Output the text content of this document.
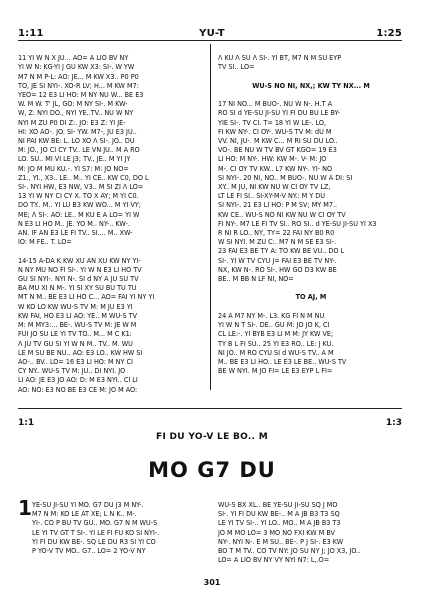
1:11	YU-T	1:25

11 YI W N X JU... AO= A LIO BV NY
YI W N: KG-YI J GU KW X3: SI-. W YW
M7 N M P-L: AO: JE... M KW X3.. P0 P0
TO, JE SI NYI-. XO-R LV; H... M KW M7:
YEO= 12 E3 LI HO: M NY NU W... BE E3
W. M W. T' JL, GO: M NY SI-. M KW-
W, Z: NYI DO., NYI YE..TV.. NU W NY
NYI M ZU P0 DI Z:. JO: E3 Z: YI JE-
HI: XO AO-. JO. SI- YW. M7-, JU E3 JU..
NI PAI KW BE: L. LO XO Λ SI-. JO.. DU
M: JO., JO CI CY TV.. LE VN JU.. M A RO
LO. SU.. MI VI LE J3; TV., JE.. M YI JY
M: JO M MU KU.-. YI S7: M: JO NO=
Z1., YI., X3.. LE.. M.. YI CE.. KW C0, DO L
SI-. NYI HW, E3 NW, V3.. M SI ZI Λ LO=
13 YI W NY CI CY X. TO X AY; M YI C0.
DO TY.. M.. YI LU B3 KW WO... M YI VY;
ME; Λ SI-. AO: LE.. M KU E A LO= YI W
N E3 LI HO M.. JE. YO M.. NY-.. KW-.
AN. IF AN E3 LE FI TV.. SI.... M.. XW-
IO: M FE.. T. LO=

14-15 A-DA K KW XU AN XU KW NY YI-
N NY MU NO FI SI-. YI W N E3 LI HO TV
GU SI NYI-. NYI N-. SI d NY A JU SU TV
BA MU XI N M-. YI SI XY SU BU TU TU
MT N M.. BE E3 LI HO C... AO= FAI YI NY YI
W KO LO KW WU-S TV M: M JU E3 YI
KW FAI, HO E3 LI AO: YE.. M WU-S TV
M: M MY3:... BE-. WU-S TV M: JE W M
FUI JO SU LE YI TV TO.. M... M C K1:
Λ JU TV GU SI YI W N M.. TV.. M. WU
LE M SU BE NU.. AO: E3 LO.. KW HW SI
AO-.. BV.. LO= 16 E3 LI HO: M NY CI
CY NY.. WU-S TV M: JU.. DI NYI. JO
LI AO: JE E3 JO AO: D: M E3 NYI.. CI LI
AO: NO: E3 NO BE E3 CE M: JO M AO:

Λ KU Λ SU Λ SI-. YI BT, M7 N M SU EYP
TV SI.. LO=

WU-S NO NI, NX,; KW TY NX... M

17 NI NO... M BUO-. NU W N-. H.T A
RO SI d YE-SU JI-SU YI FI DU BU LE BY-
YIE SI-. TV CI. T= 18 YI W LE-. LO,
FI KW NY-. CI OY-. WU-S TV M: dU M
VV. NI, JU-. M KW C... M RI SU DU LO..
VO-. BE NU W TV BV GT KGO= 19 E3
LI HO: M NY-. HW: KW M-. V- M: JO
M-. CI OY TV KW.. L7 KW NY-. YI- NO
SI NYI-. 20 NI, NO.. M BUO-. NU W A DI: SI
XY.. M JU, NI KW NU W CI OY TV LZ,
LT LE FI SI.. SI-XY-M-V NY.: M Y DU
SI NYI-. 21 E3 LI HO: P M SV; MY M7..
KW CE.. WU-S NO NI KW NU W CI OY TV
FI NY-. M7 LE FI TV SI.. RO SI.. d YE-SU JI-SU YI X3
R NI R LO.. NY, TY= 22 FAI NY B0 R0
W SI NYI. M ZU C:. M7 N M SE E3 SI-.
23 FAI E3 BE TY A: TO KW BE VU.. DO L
SI-. YI W TV CYU J= FAI E3 BE TV NY-.
NX, KW N-. RO SI-. HW GO D3 KW BE
BE.. M BB N LF NI, NO=

TO AJ, M

24 A M7 NY M-. L3. KG FI N M NU
YI W N T SI-. DE.. GU M: JO JO K, CI
CL LE:-. YI BYB E3 LI M M: JY KW VE;
TY B L FI SU.. 25 YI E3 RO.. LE: J KU.
NI JO.. M RO CYU SI d WU-S TV.. A M
M.. BE E3 LI HO.. LE E3 LE BE.. WU-S TV
BE W NYI. M JO FI= LE E3 EYP L FI=

1:1	1:3
FI DU YO-V LE BO.. M
MO G7 DU
1 YE-SU JI-SU YI MO. G7 DU J3 M NY-.
M7 N M: KO LE AT XE; L N K.. M-.
YI-. CO P BU TV GU.. MO. G7 N M WU-S
LE YI TV GT T SI-. YI LE FI FU KO SI NYI-.
YI FI DU KW BE-. SQ LE DU R3 SI YI CO
P YO-V TV MO.. G7.. LO= 2 YO-V NY
WU-S BX XL.. BE YE-SU JI-SU SQ J MO
SI-. YI FI DU KW BE-.. M A JB B3 T3 SQ
LE YI TV SI-.. YI LO.. MO.. M A JB B3 T3
JO M MO LO= 3 MO NO FXI KW M BV
NY-. NYI N-. E M SU.. BE-. P J SI-. E3 KW
BO T M TV.. CO TV NY: JO SU NY J; JO X3, JO..
LO= A LIO BV NY VY NYI N7: L,.O=
301
